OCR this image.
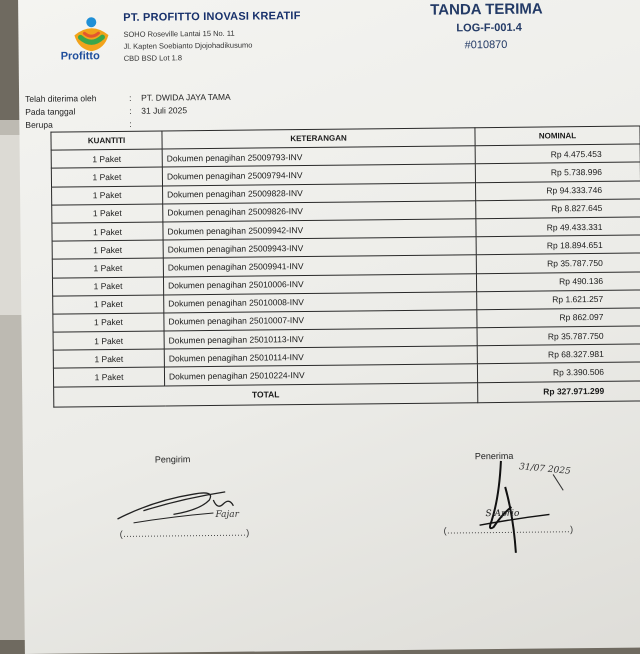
Profitto
PT. PROFITTO INOVASI KREATIF
SOHO Roseville Lantai 15 No. 11
Jl. Kapten Soebianto Djojohadikusumo
CBD BSD Lot 1.8
TANDA TERIMA
LOG-F-001.4
#010870
Telah diterima oleh	: PT. DWIDA JAYA TAMA
Pada tanggal	: 31 Juli 2025
Berupa	:
KUANTITI	KETERANGAN	NOMINAL
1 Paket	Dokumen penagihan 25009793-INV	Rp 4.475.453
1 Paket	Dokumen penagihan 25009794-INV	Rp 5.738.996
1 Paket	Dokumen penagihan 25009828-INV	Rp 94.333.746
1 Paket	Dokumen penagihan 25009826-INV	Rp 8.827.645
1 Paket	Dokumen penagihan 25009942-INV	Rp 49.433.331
1 Paket	Dokumen penagihan 25009943-INV	Rp 18.894.651
1 Paket	Dokumen penagihan 25009941-INV	Rp 35.787.750
1 Paket	Dokumen penagihan 25010006-INV	Rp 490.136
1 Paket	Dokumen penagihan 25010008-INV	Rp 1.621.257
1 Paket	Dokumen penagihan 25010007-INV	Rp 862.097
1 Paket	Dokumen penagihan 25010113-INV	Rp 35.787.750
1 Paket	Dokumen penagihan 25010114-INV	Rp 68.327.981
1 Paket	Dokumen penagihan 25010224-INV	Rp 3.390.506
TOTAL		Rp 327.971.299
Pengirim	Penerima
Fajar
(.........................................)
31/07 2025
S Aprio
(.........................................)
